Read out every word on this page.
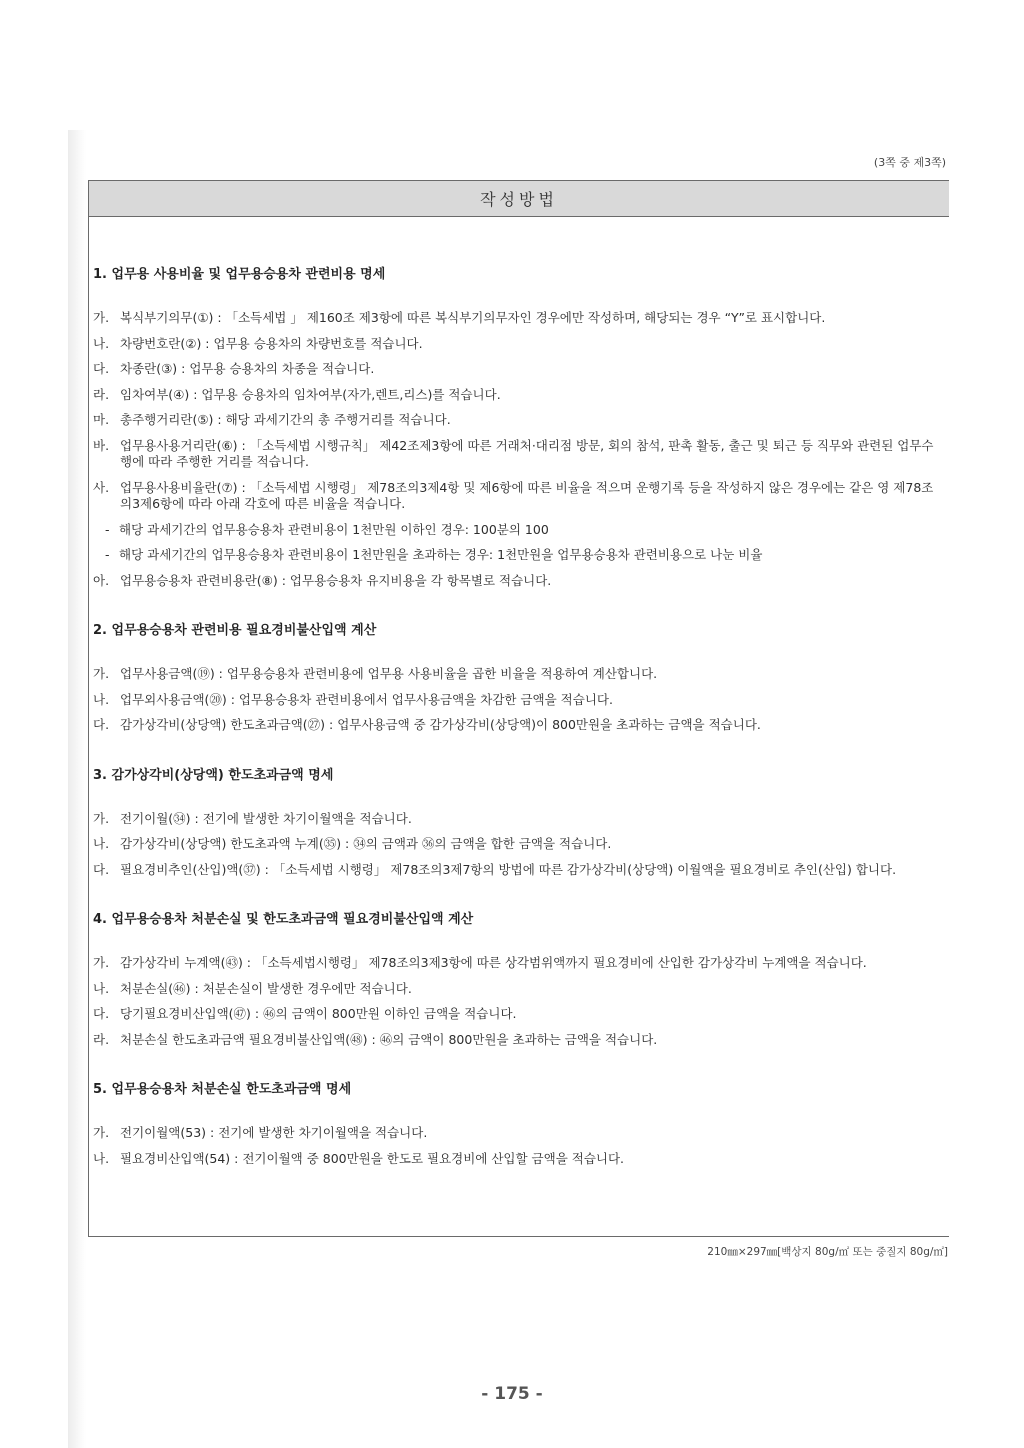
(3쪽 중 제3쪽)
작성방법

1. 업무용 사용비율 및 업무용승용차 관련비용 명세

가. 복식부기의무(①) : 「소득세법 」 제160조 제3항에 따른 복식부기의무자인 경우에만 작성하며, 해당되는 경우 “Y”로 표시합니다.
나. 차량번호란(②) : 업무용 승용차의 차량번호를 적습니다.
다. 차종란(③) : 업무용 승용차의 차종을 적습니다.
라. 임차여부(④) : 업무용 승용차의 임차여부(자가,렌트,리스)를 적습니다.
마. 총주행거리란(⑤) : 해당 과세기간의 총 주행거리를 적습니다.
바. 업무용사용거리란(⑥) : 「소득세법 시행규칙」 제42조제3항에 따른 거래처·대리점 방문, 회의 참석, 판촉 활동, 출근 및 퇴근 등 직무와 관련된 업무수행에 따라 주행한 거리를 적습니다.
사. 업무용사용비율란(⑦) : 「소득세법 시행령」 제78조의3제4항 및 제6항에 따른 비율을 적으며 운행기록 등을 작성하지 않은 경우에는 같은 영 제78조의3제6항에 따라 아래 각호에 따른 비율을 적습니다.
- 해당 과세기간의 업무용승용차 관련비용이 1천만원 이하인 경우: 100분의 100
- 해당 과세기간의 업무용승용차 관련비용이 1천만원을 초과하는 경우: 1천만원을 업무용승용차 관련비용으로 나눈 비율
아. 업무용승용차 관련비용란(⑧) : 업무용승용차 유지비용을 각 항목별로 적습니다.

2. 업무용승용차 관련비용 필요경비불산입액 계산

가. 업무사용금액(⑲) : 업무용승용차 관련비용에 업무용 사용비율을 곱한 비율을 적용하여 계산합니다.
나. 업무외사용금액(⑳) : 업무용승용차 관련비용에서 업무사용금액을 차감한 금액을 적습니다.
다. 감가상각비(상당액) 한도초과금액(㉗) : 업무사용금액 중 감가상각비(상당액)이 800만원을 초과하는 금액을 적습니다.

3. 감가상각비(상당액) 한도초과금액 명세

가. 전기이월(㉞) : 전기에 발생한 차기이월액을 적습니다.
나. 감가상각비(상당액) 한도초과액 누계(㉟) : ㉞의 금액과 ㊱의 금액을 합한 금액을 적습니다.
다. 필요경비추인(산입)액(㊲) : 「소득세법 시행령」 제78조의3제7항의 방법에 따른 감가상각비(상당액) 이월액을 필요경비로 추인(산입) 합니다.

4. 업무용승용차 처분손실 및 한도초과금액 필요경비불산입액 계산

가. 감가상각비 누계액(㊸) : 「소득세법시행령」 제78조의3제3항에 따른 상각범위액까지 필요경비에 산입한 감가상각비 누계액을 적습니다.
나. 처분손실(㊻) : 처분손실이 발생한 경우에만 적습니다.
다. 당기필요경비산입액(㊼) : ㊻의 금액이 800만원 이하인 금액을 적습니다.
라. 처분손실 한도초과금액 필요경비불산입액(㊽) : ㊻의 금액이 800만원을 초과하는 금액을 적습니다.

5. 업무용승용차 처분손실 한도초과금액 명세

가. 전기이월액(53) : 전기에 발생한 차기이월액을 적습니다.
나. 필요경비산입액(54) : 전기이월액 중 800만원을 한도로 필요경비에 산입할 금액을 적습니다.
210㎜×297㎜[백상지 80g/㎡ 또는 중질지 80g/㎡]
- 175 -
